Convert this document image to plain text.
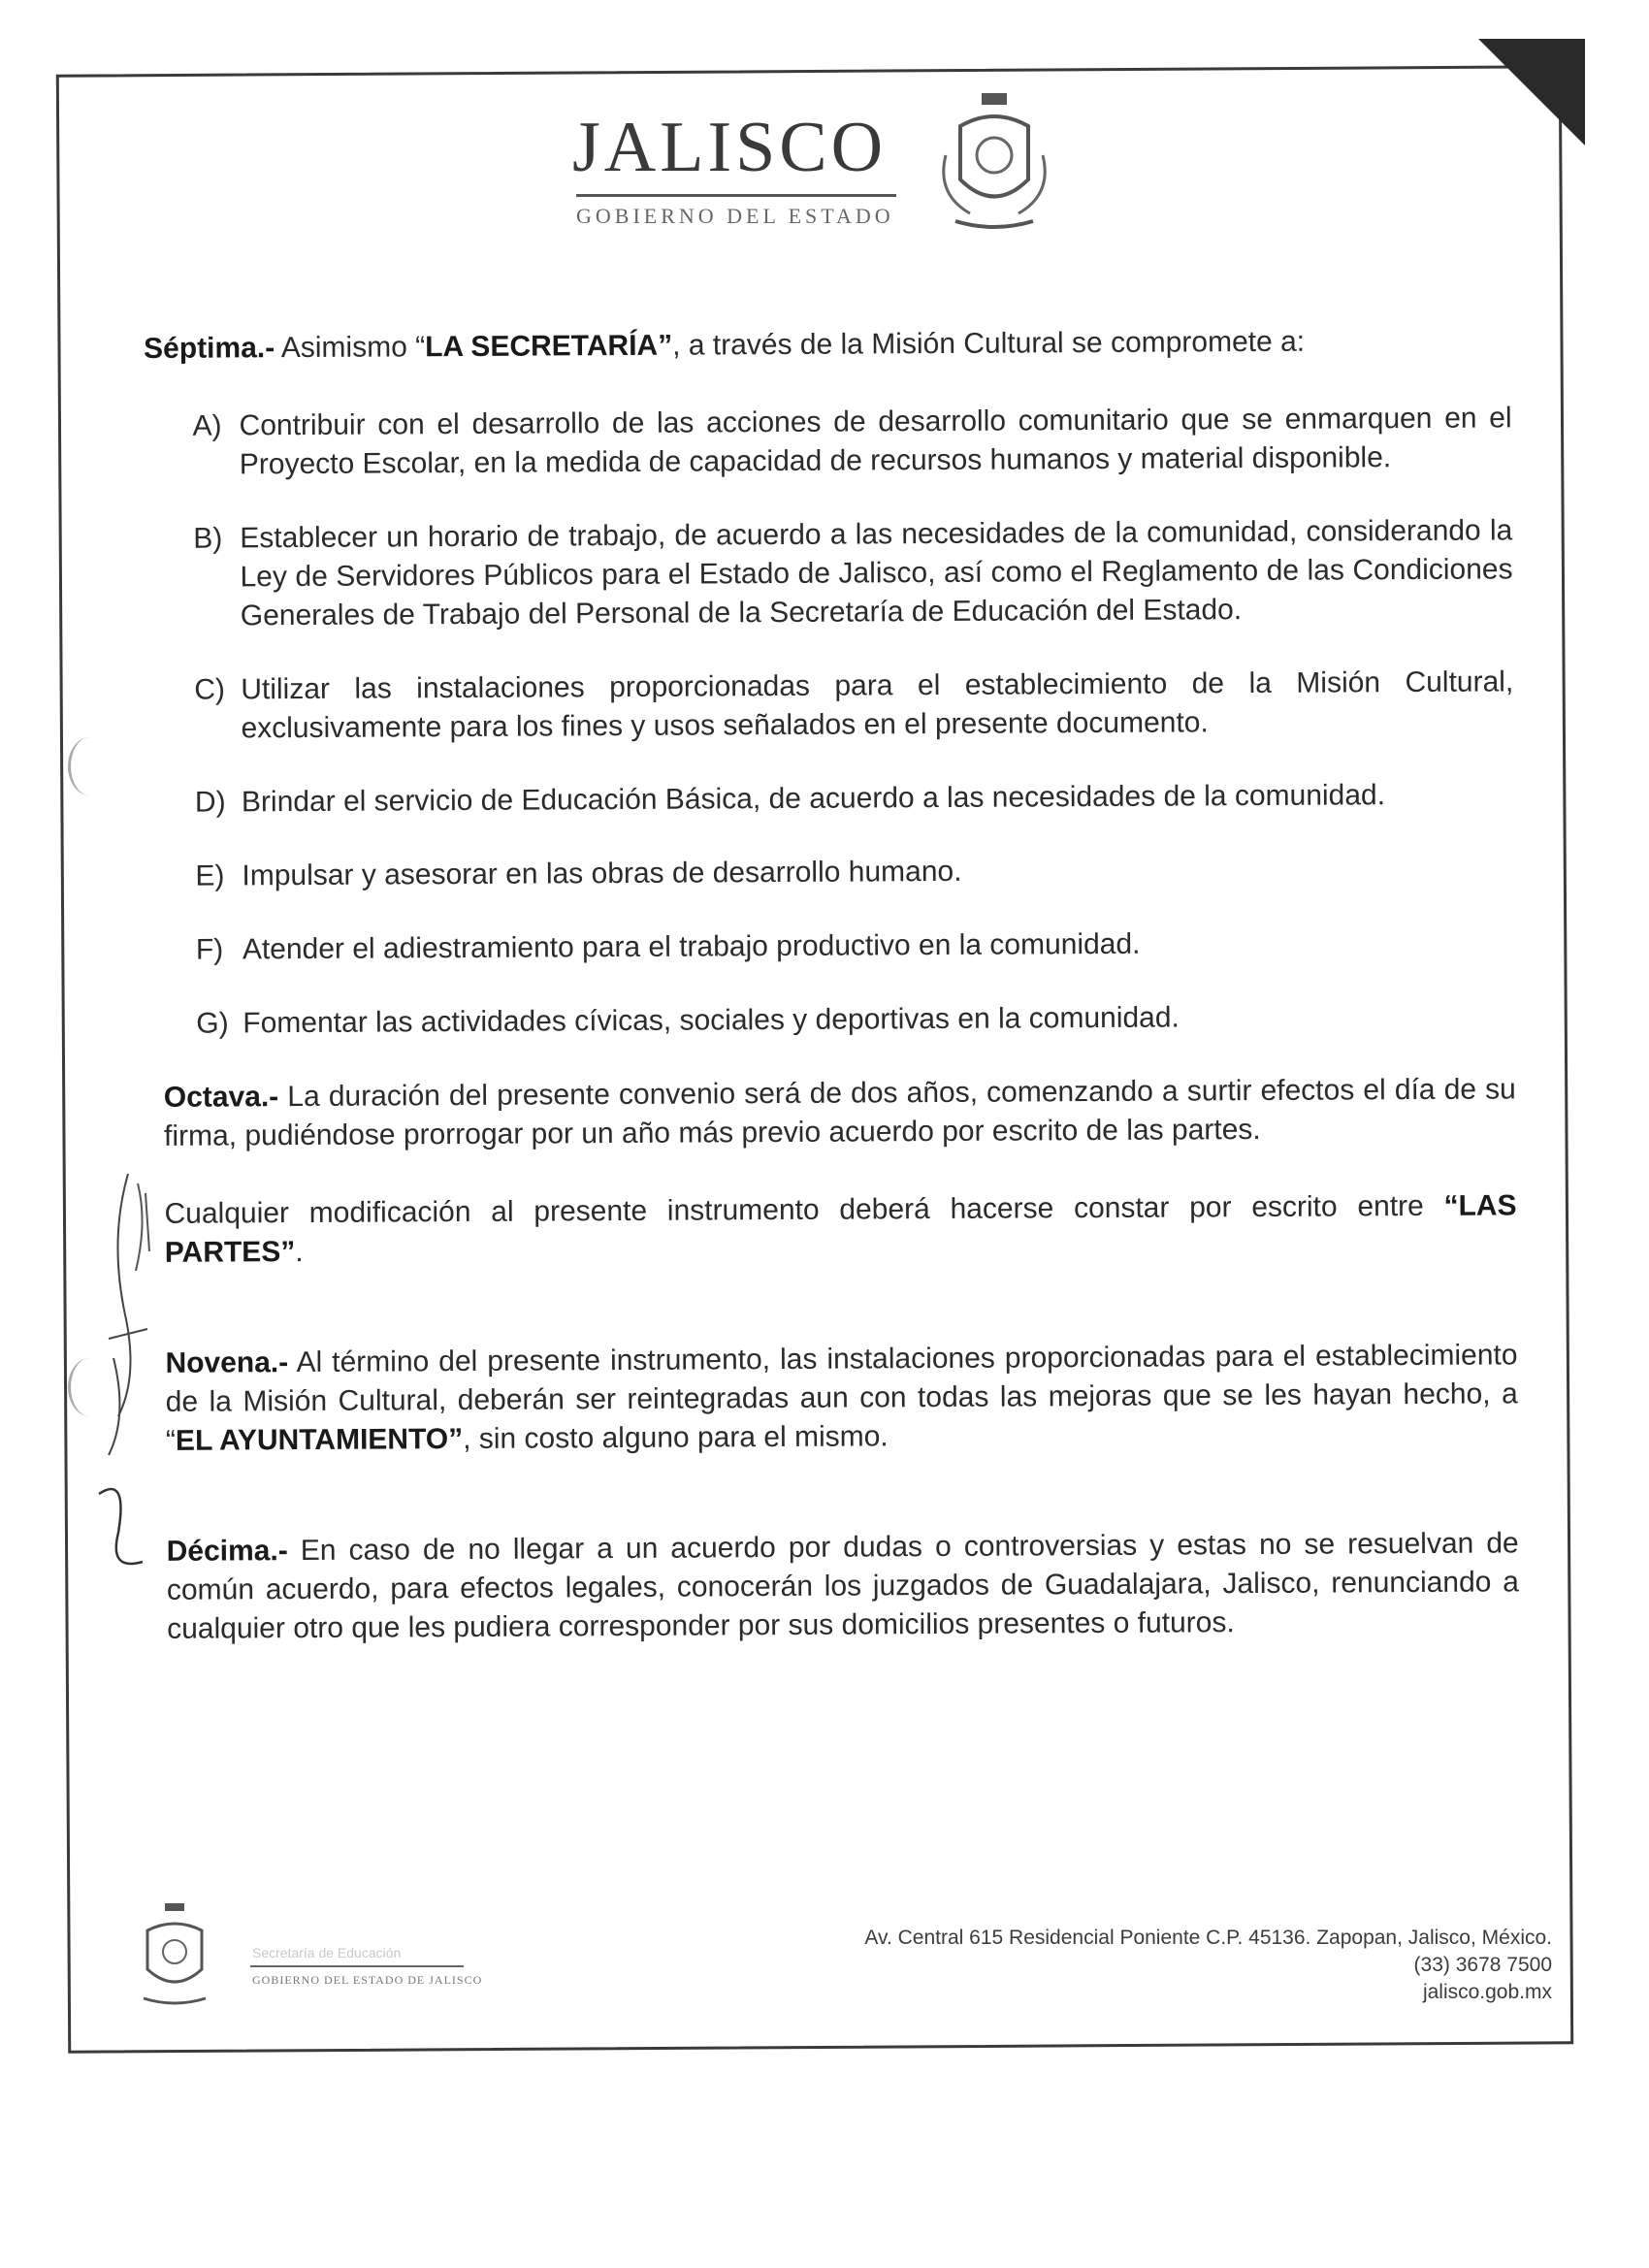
JALISCO
GOBIERNO DEL ESTADO

Séptima.- Asimismo “LA SECRETARÍA”, a través de la Misión Cultural se compromete a:

A) Contribuir con el desarrollo de las acciones de desarrollo comunitario que se enmarquen en el Proyecto Escolar, en la medida de capacidad de recursos humanos y material disponible.
B) Establecer un horario de trabajo, de acuerdo a las necesidades de la comunidad, considerando la Ley de Servidores Públicos para el Estado de Jalisco, así como el Reglamento de las Condiciones Generales de Trabajo del Personal de la Secretaría de Educación del Estado.
C) Utilizar las instalaciones proporcionadas para el establecimiento de la Misión Cultural, exclusivamente para los fines y usos señalados en el presente documento.
D) Brindar el servicio de Educación Básica, de acuerdo a las necesidades de la comunidad.
E) Impulsar y asesorar en las obras de desarrollo humano.
F) Atender el adiestramiento para el trabajo productivo en la comunidad.
G) Fomentar las actividades cívicas, sociales y deportivas en la comunidad.

Octava.- La duración del presente convenio será de dos años, comenzando a surtir efectos el día de su firma, pudiéndose prorrogar por un año más previo acuerdo por escrito de las partes.

Cualquier modificación al presente instrumento deberá hacerse constar por escrito entre “LAS PARTES”.

Novena.- Al término del presente instrumento, las instalaciones proporcionadas para el establecimiento de la Misión Cultural, deberán ser reintegradas aun con todas las mejoras que se les hayan hecho, a “EL AYUNTAMIENTO”, sin costo alguno para el mismo.

Décima.- En caso de no llegar a un acuerdo por dudas o controversias y estas no se resuelvan de común acuerdo, para efectos legales, conocerán los juzgados de Guadalajara, Jalisco, renunciando a cualquier otro que les pudiera corresponder por sus domicilios presentes o futuros.

Secretaría de Educación
GOBIERNO DEL ESTADO DE JALISCO
Av. Central 615 Residencial Poniente C.P. 45136. Zapopan, Jalisco, México.
(33) 3678 7500
jalisco.gob.mx
